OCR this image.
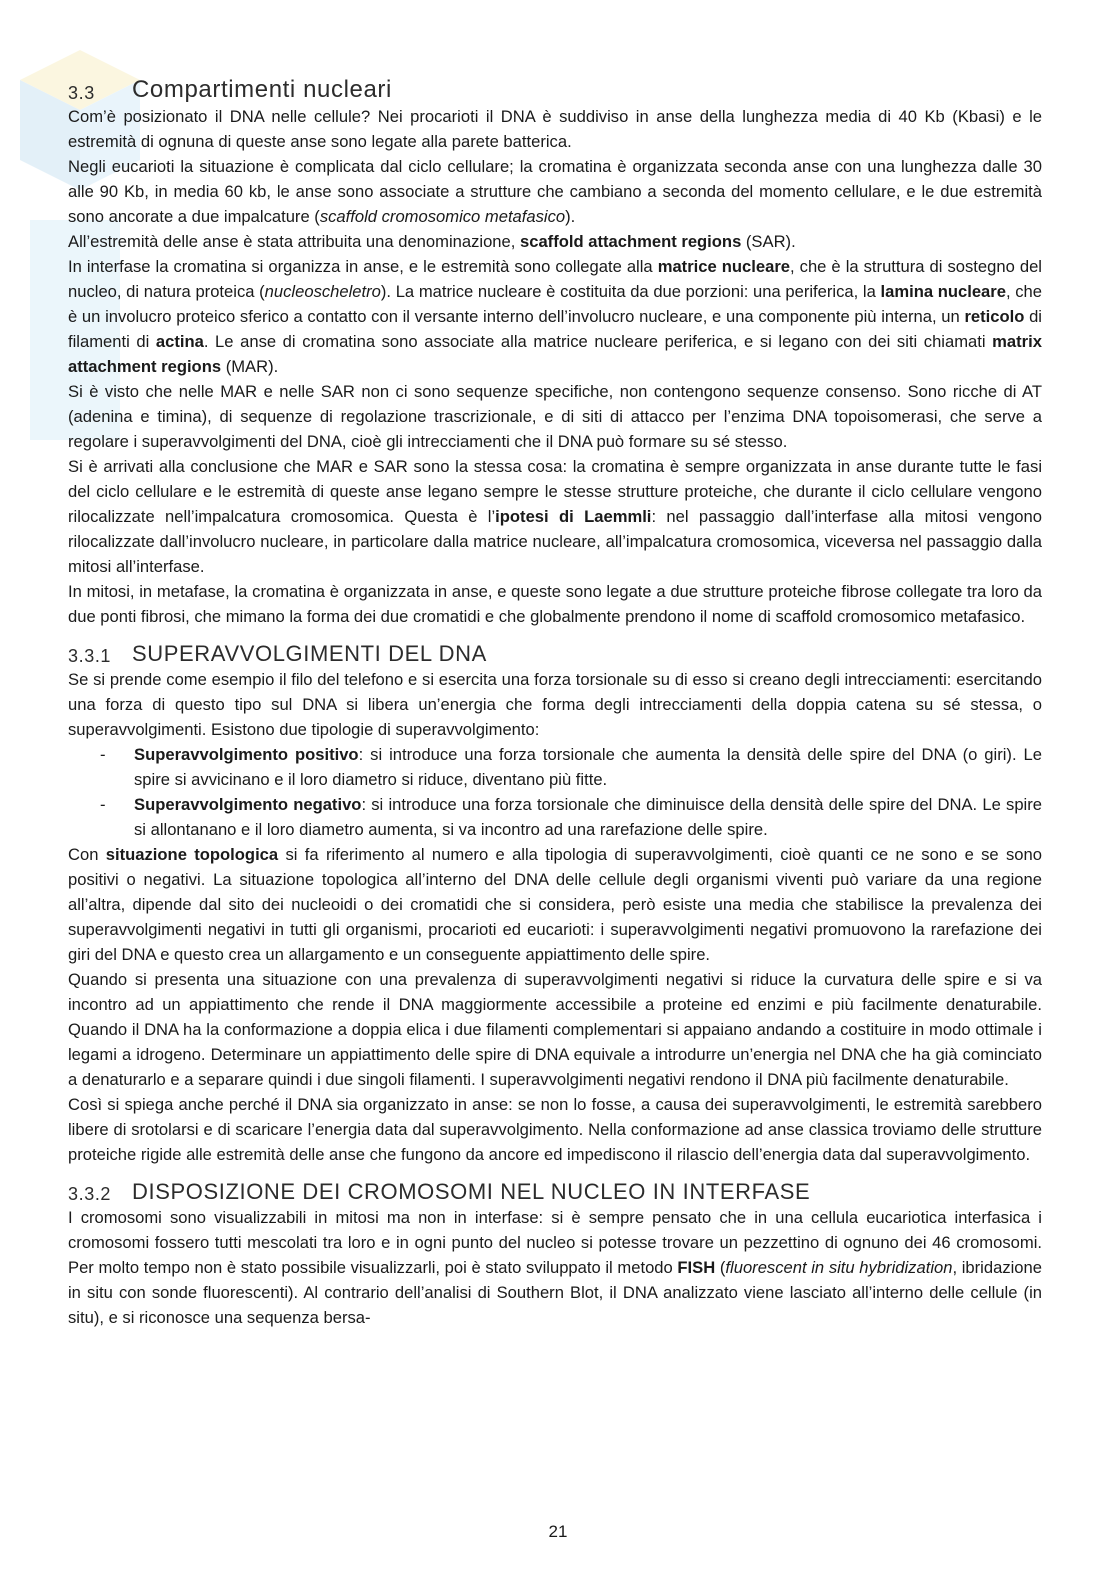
3.3	Compartimenti nucleari

Com’è posizionato il DNA nelle cellule? Nei procarioti il DNA è suddiviso in anse della lunghezza media di 40 Kb (Kbasi) e le estremità di ognuna di queste anse sono legate alla parete batterica.

Negli eucarioti la situazione è complicata dal ciclo cellulare; la cromatina è organizzata seconda anse con una lunghezza dalle 30 alle 90 Kb, in media 60 kb, le anse sono associate a strutture che cambiano a seconda del momento cellulare, e le due estremità sono ancorate a due impalcature (scaffold cromosomico metafasico).

All’estremità delle anse è stata attribuita una denominazione, scaffold attachment regions (SAR).

In interfase la cromatina si organizza in anse, e le estremità sono collegate alla matrice nucleare, che è la struttura di sostegno del nucleo, di natura proteica (nucleoscheletro). La matrice nucleare è costituita da due porzioni: una periferica, la lamina nucleare, che è un involucro proteico sferico a contatto con il versante interno dell’involucro nucleare, e una componente più interna, un reticolo di filamenti di actina. Le anse di cromatina sono associate alla matrice nucleare periferica, e si legano con dei siti chiamati matrix attachment regions (MAR).

Si è visto che nelle MAR e nelle SAR non ci sono sequenze specifiche, non contengono sequenze consenso. Sono ricche di AT (adenina e timina), di sequenze di regolazione trascrizionale, e di siti di attacco per l’enzima DNA topoisomerasi, che serve a regolare i superavvolgimenti del DNA, cioè gli intrecciamenti che il DNA può formare su sé stesso.

Si è arrivati alla conclusione che MAR e SAR sono la stessa cosa: la cromatina è sempre organizzata in anse durante tutte le fasi del ciclo cellulare e le estremità di queste anse legano sempre le stesse strutture proteiche, che durante il ciclo cellulare vengono rilocalizzate nell’impalcatura cromosomica. Questa è l’ipotesi di Laemmli: nel passaggio dall’interfase alla mitosi vengono rilocalizzate dall’involucro nucleare, in particolare dalla matrice nucleare, all’impalcatura cromosomica, viceversa nel passaggio dalla mitosi all’interfase.

In mitosi, in metafase, la cromatina è organizzata in anse, e queste sono legate a due strutture proteiche fibrose collegate tra loro da due ponti fibrosi, che mimano la forma dei due cromatidi e che globalmente prendono il nome di scaffold cromosomico metafasico.

3.3.1 SUPERAVVOLGIMENTI DEL DNA

Se si prende come esempio il filo del telefono e si esercita una forza torsionale su di esso si creano degli intrecciamenti: esercitando una forza di questo tipo sul DNA si libera un’energia che forma degli intrecciamenti della doppia catena su sé stessa, o superavvolgimenti. Esistono due tipologie di superavvolgimento:

- Superavvolgimento positivo: si introduce una forza torsionale che aumenta la densità delle spire del DNA (o giri). Le spire si avvicinano e il loro diametro si riduce, diventano più fitte.
- Superavvolgimento negativo: si introduce una forza torsionale che diminuisce della densità delle spire del DNA. Le spire si allontanano e il loro diametro aumenta, si va incontro ad una rarefazione delle spire.

Con situazione topologica si fa riferimento al numero e alla tipologia di superavvolgimenti, cioè quanti ce ne sono e se sono positivi o negativi. La situazione topologica all’interno del DNA delle cellule degli organismi viventi può variare da una regione all’altra, dipende dal sito dei nucleoidi o dei cromatidi che si considera, però esiste una media che stabilisce la prevalenza dei superavvolgimenti negativi in tutti gli organismi, procarioti ed eucarioti: i superavvolgimenti negativi promuovono la rarefazione dei giri del DNA e questo crea un allargamento e un conseguente appiattimento delle spire.

Quando si presenta una situazione con una prevalenza di superavvolgimenti negativi si riduce la curvatura delle spire e si va incontro ad un appiattimento che rende il DNA maggiormente accessibile a proteine ed enzimi e più facilmente denaturabile. Quando il DNA ha la conformazione a doppia elica i due filamenti complementari si appaiano andando a costituire in modo ottimale i legami a idrogeno. Determinare un appiattimento delle spire di DNA equivale a introdurre un’energia nel DNA che ha già cominciato a denaturarlo e a separare quindi i due singoli filamenti. I superavvolgimenti negativi rendono il DNA più facilmente denaturabile.

Così si spiega anche perché il DNA sia organizzato in anse: se non lo fosse, a causa dei superavvolgimenti, le estremità sarebbero libere di srotolarsi e di scaricare l’energia data dal superavvolgimento. Nella conformazione ad anse classica troviamo delle strutture proteiche rigide alle estremità delle anse che fungono da ancore ed impediscono il rilascio dell’energia data dal superavvolgimento.

3.3.2 DISPOSIZIONE DEI CROMOSOMI NEL NUCLEO IN INTERFASE

I cromosomi sono visualizzabili in mitosi ma non in interfase: si è sempre pensato che in una cellula eucariotica interfasica i cromosomi fossero tutti mescolati tra loro e in ogni punto del nucleo si potesse trovare un pezzettino di ognuno dei 46 cromosomi. Per molto tempo non è stato possibile visualizzarli, poi è stato sviluppato il metodo FISH (fluorescent in situ hybridization, ibridazione in situ con sonde fluorescenti). Al contrario dell’analisi di Southern Blot, il DNA analizzato viene lasciato all’interno delle cellule (in situ), e si riconosce una sequenza bersa-

21
